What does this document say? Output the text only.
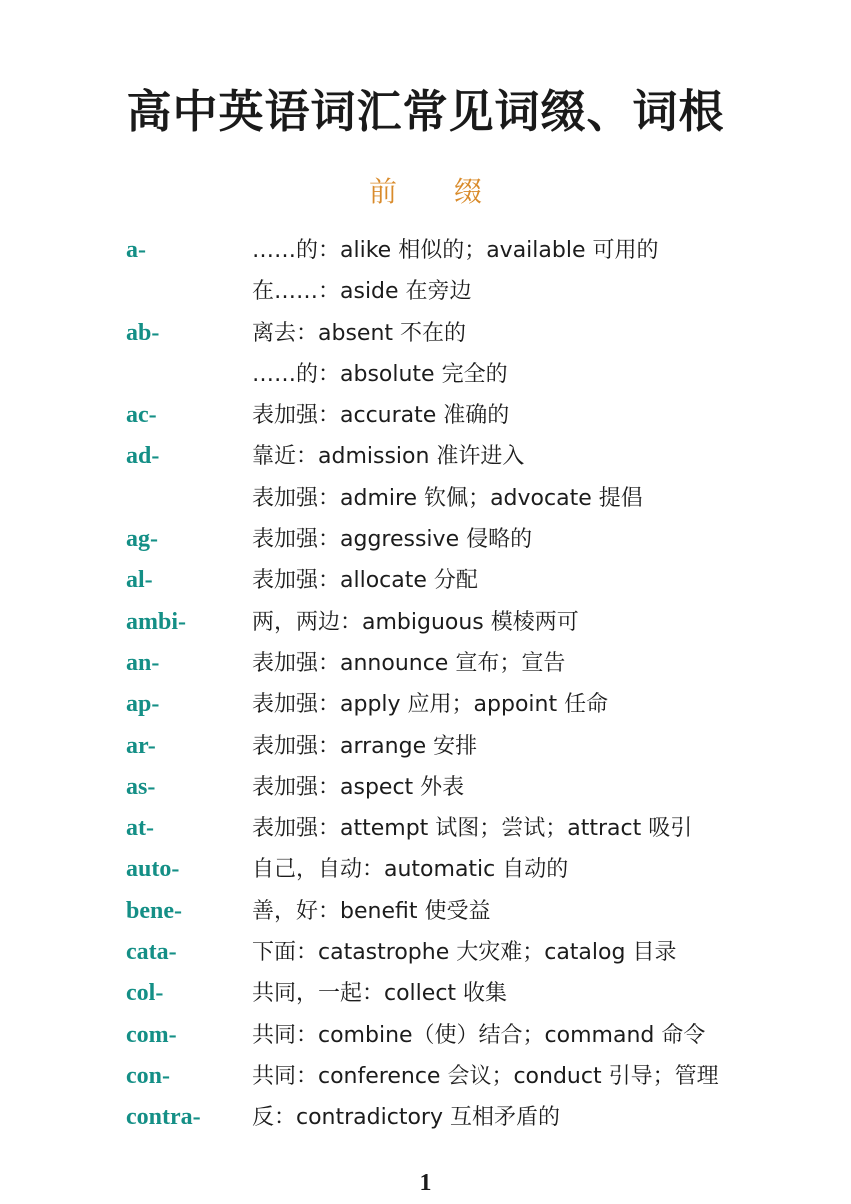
高中英语词汇常见词缀、词根
前 缀
a-	……的：alike 相似的；available 可用的
在……：aside 在旁边
ab-	离去：absent 不在的
……的：absolute 完全的
ac-	表加强：accurate 准确的
ad-	靠近：admission 准许进入
表加强：admire 钦佩；advocate 提倡
ag-	表加强：aggressive 侵略的
al-	表加强：allocate 分配
ambi-	两，两边：ambiguous 模棱两可
an-	表加强：announce 宣布；宣告
ap-	表加强：apply 应用；appoint 任命
ar-	表加强：arrange 安排
as-	表加强：aspect 外表
at-	表加强：attempt 试图；尝试；attract 吸引
auto-	自己，自动：automatic 自动的
bene-	善，好：benefit 使受益
cata-	下面：catastrophe 大灾难；catalog 目录
col-	共同，一起：collect 收集
com-	共同：combine（使）结合；command 命令
con-	共同：conference 会议；conduct 引导；管理
contra- 反：contradictory 互相矛盾的
1
